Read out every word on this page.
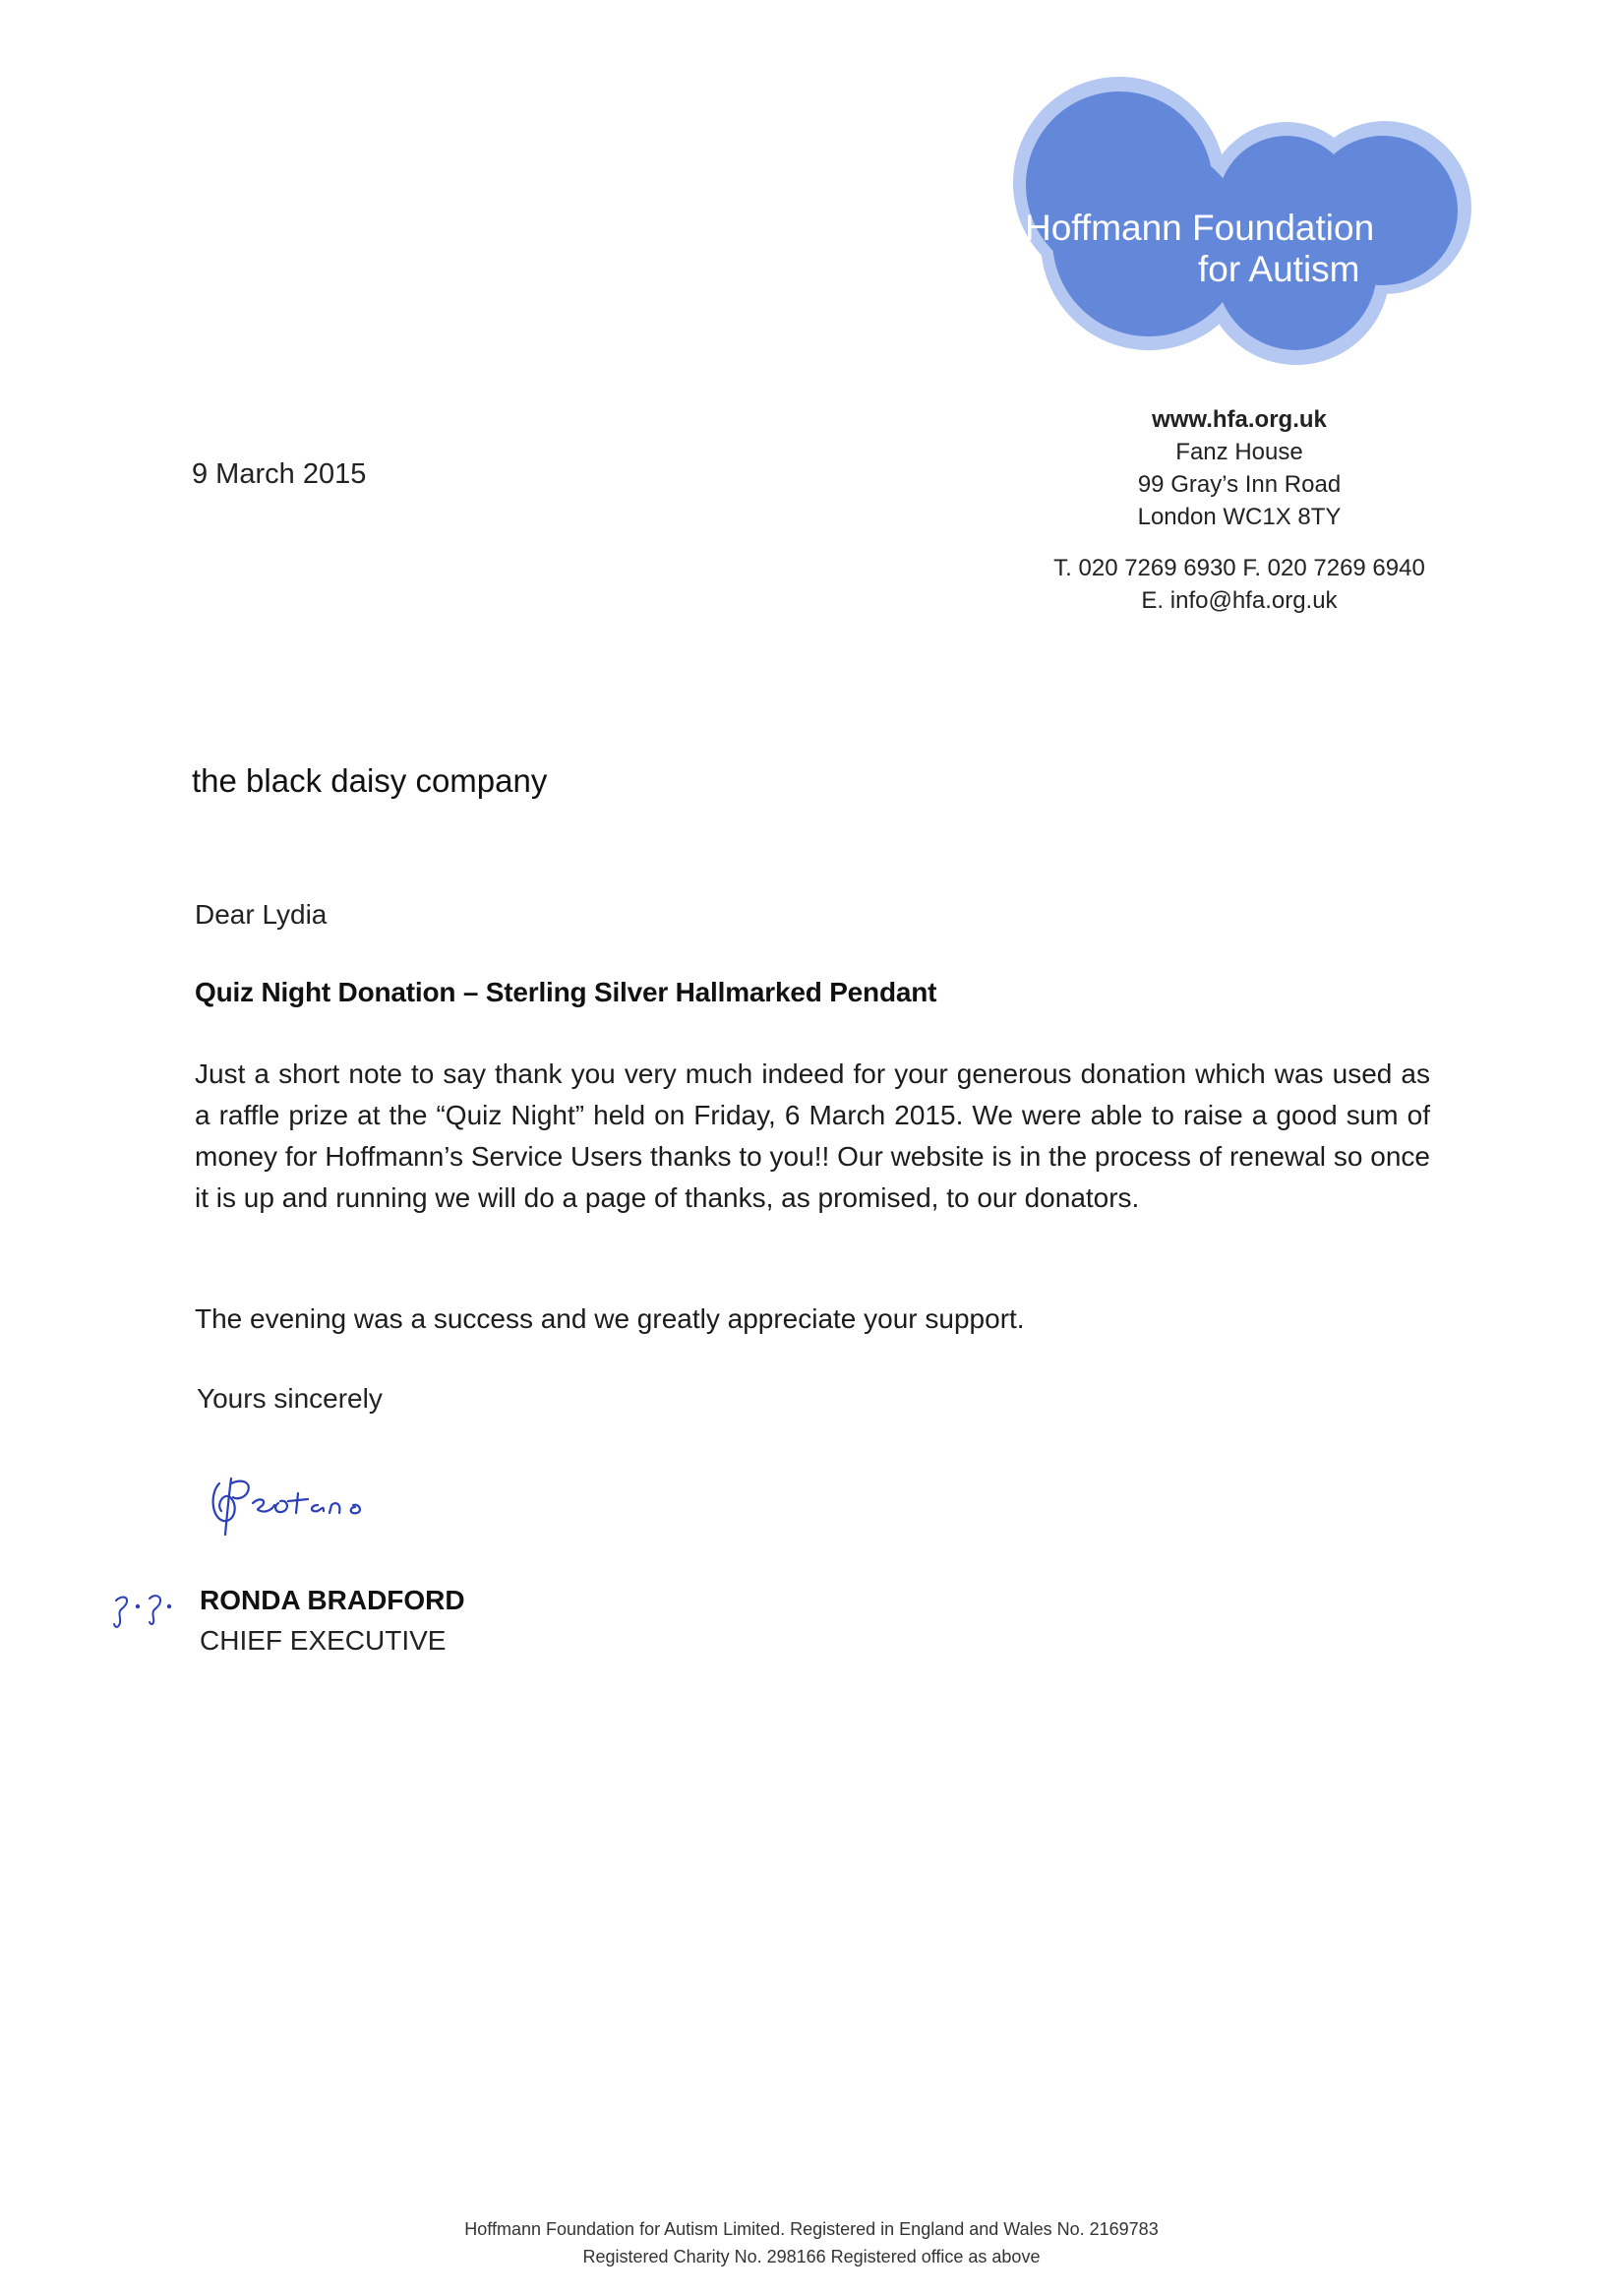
Hoffmann Foundation
for Autism
www.hfa.org.uk
Fanz House
99 Gray’s Inn Road
London WC1X 8TY
T. 020 7269 6930 F. 020 7269 6940
E. info@hfa.org.uk
9 March 2015
the black daisy company
Dear Lydia
Quiz Night Donation – Sterling Silver Hallmarked Pendant
Just a short note to say thank you very much indeed for your generous donation which was used as a raffle prize at the “Quiz Night” held on Friday, 6 March 2015. We were able to raise a good sum of money for Hoffmann’s Service Users thanks to you!! Our website is in the process of renewal so once it is up and running we will do a page of thanks, as promised, to our donators.
The evening was a success and we greatly appreciate your support.
Yours sincerely
RONDA BRADFORD
CHIEF EXECUTIVE
Hoffmann Foundation for Autism Limited. Registered in England and Wales No. 2169783
Registered Charity No. 298166 Registered office as above
